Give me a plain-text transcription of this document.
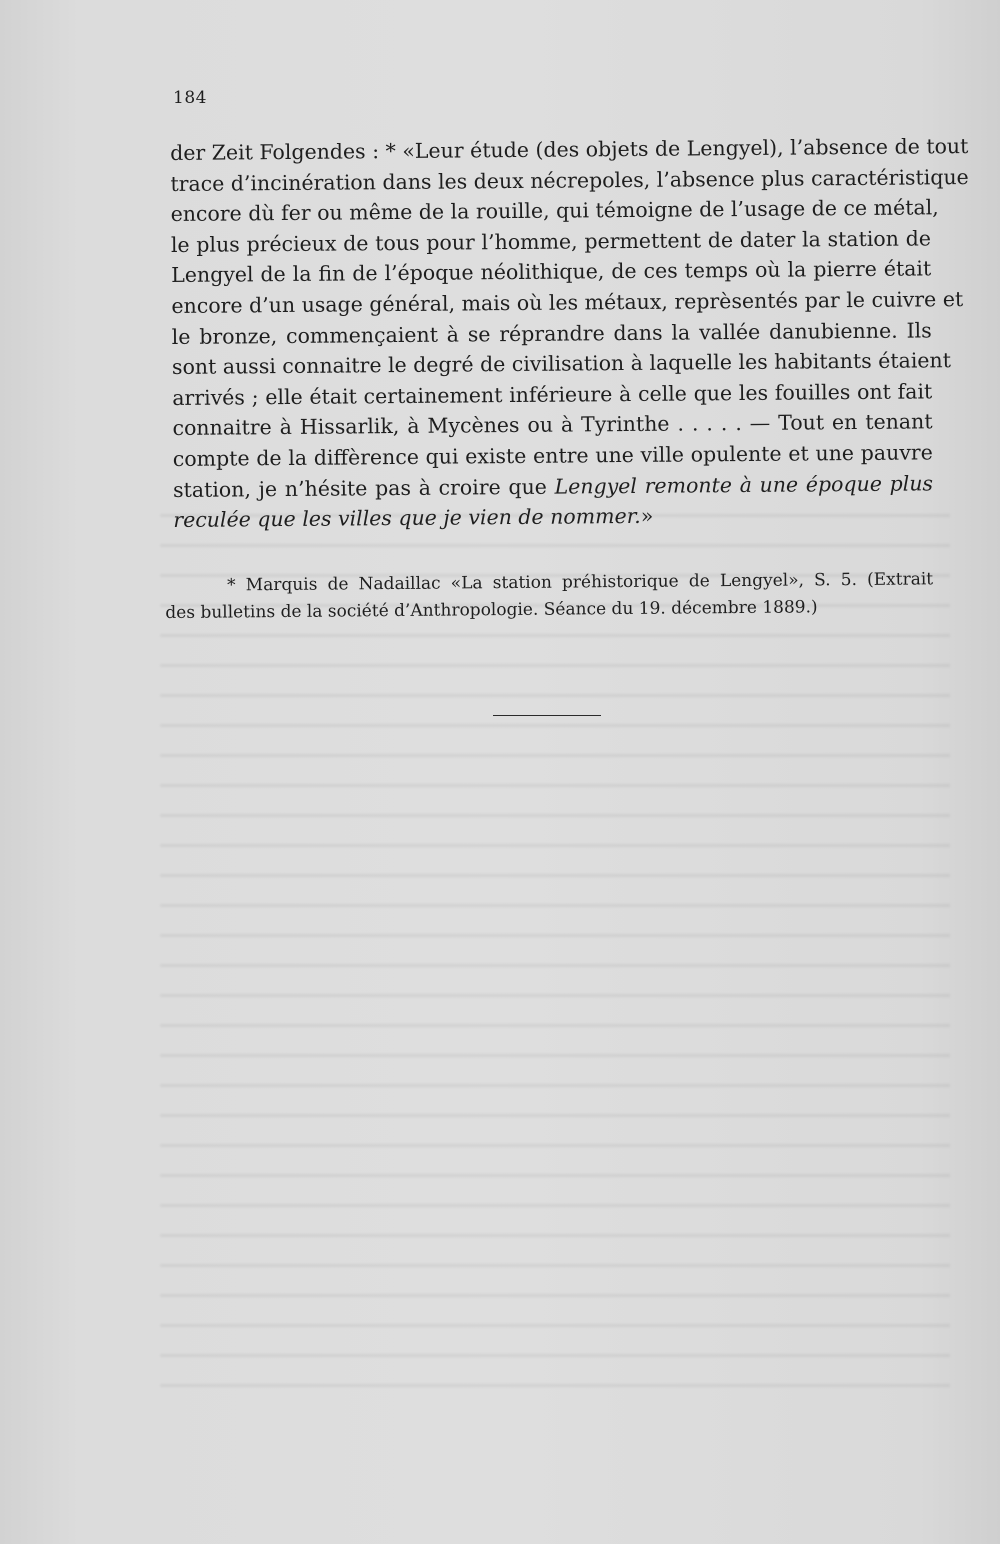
184
der Zeit Folgendes : * «Leur étude (des objets de Lengyel), l’absence de tout
trace d’incinération dans les deux nécrepoles, l’absence plus caractéristique
encore dù fer ou même de la rouille, qui témoigne de l’usage de ce métal,
le plus précieux de tous pour l’homme, permettent de dater la station de
Lengyel de la fin de l’époque néolithique, de ces temps où la pierre était
encore d’un usage général, mais où les métaux, reprèsentés par le cuivre et
le bronze, commençaient à se réprandre dans la vallée danubienne. Ils
sont aussi connaitre le degré de civilisation à laquelle les habitants étaient
arrivés ; elle était certainement inférieure à celle que les fouilles ont fait
connaitre à Hissarlik, à Mycènes ou à Tyrinthe . . . . . — Tout en tenant
compte de la diffèrence qui existe entre une ville opulente et une pauvre
station, je n’hésite pas à croire que Lengyel remonte à une époque plus
reculée que les villes que je vien de nommer.»
* Marquis de Nadaillac «La station préhistorique de Lengyel», S. 5. (Extrait
des bulletins de la société d’Anthropologie. Séance du 19. décembre 1889.)
